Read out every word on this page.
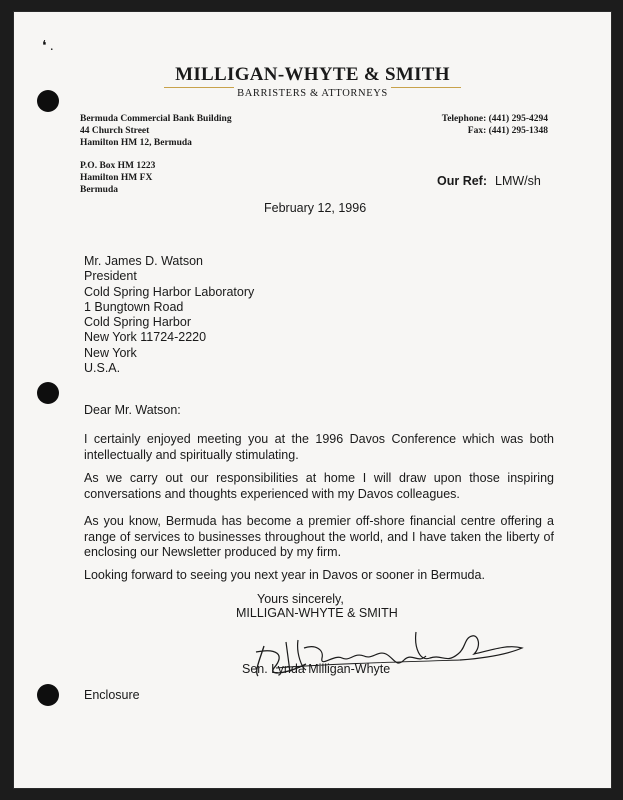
❛ .

MILLIGAN-WHYTE & SMITH
BARRISTERS & ATTORNEYS
Bermuda Commercial Bank Building
44 Church Street
Hamilton HM 12, Bermuda
P.O. Box HM 1223
Hamilton HM FX
Bermuda
Telephone: (441) 295-4294
Fax: (441) 295-1348
Our Ref: LMW/sh
February 12, 1996
Mr. James D. Watson
President
Cold Spring Harbor Laboratory
1 Bungtown Road
Cold Spring Harbor
New York 11724-2220
New York
U.S.A.
Dear Mr. Watson:
I certainly enjoyed meeting you at the 1996 Davos Conference which was both intellectually and spiritually stimulating.
As we carry out our responsibilities at home I will draw upon those inspiring conversations and thoughts experienced with my Davos colleagues.
As you know, Bermuda has become a premier off-shore financial centre offering a range of services to businesses throughout the world, and I have taken the liberty of enclosing our Newsletter produced by my firm.
Looking forward to seeing you next year in Davos or sooner in Bermuda.
Yours sincerely,
MILLIGAN-WHYTE & SMITH
Sen. Lynda Milligan-Whyte
Enclosure
